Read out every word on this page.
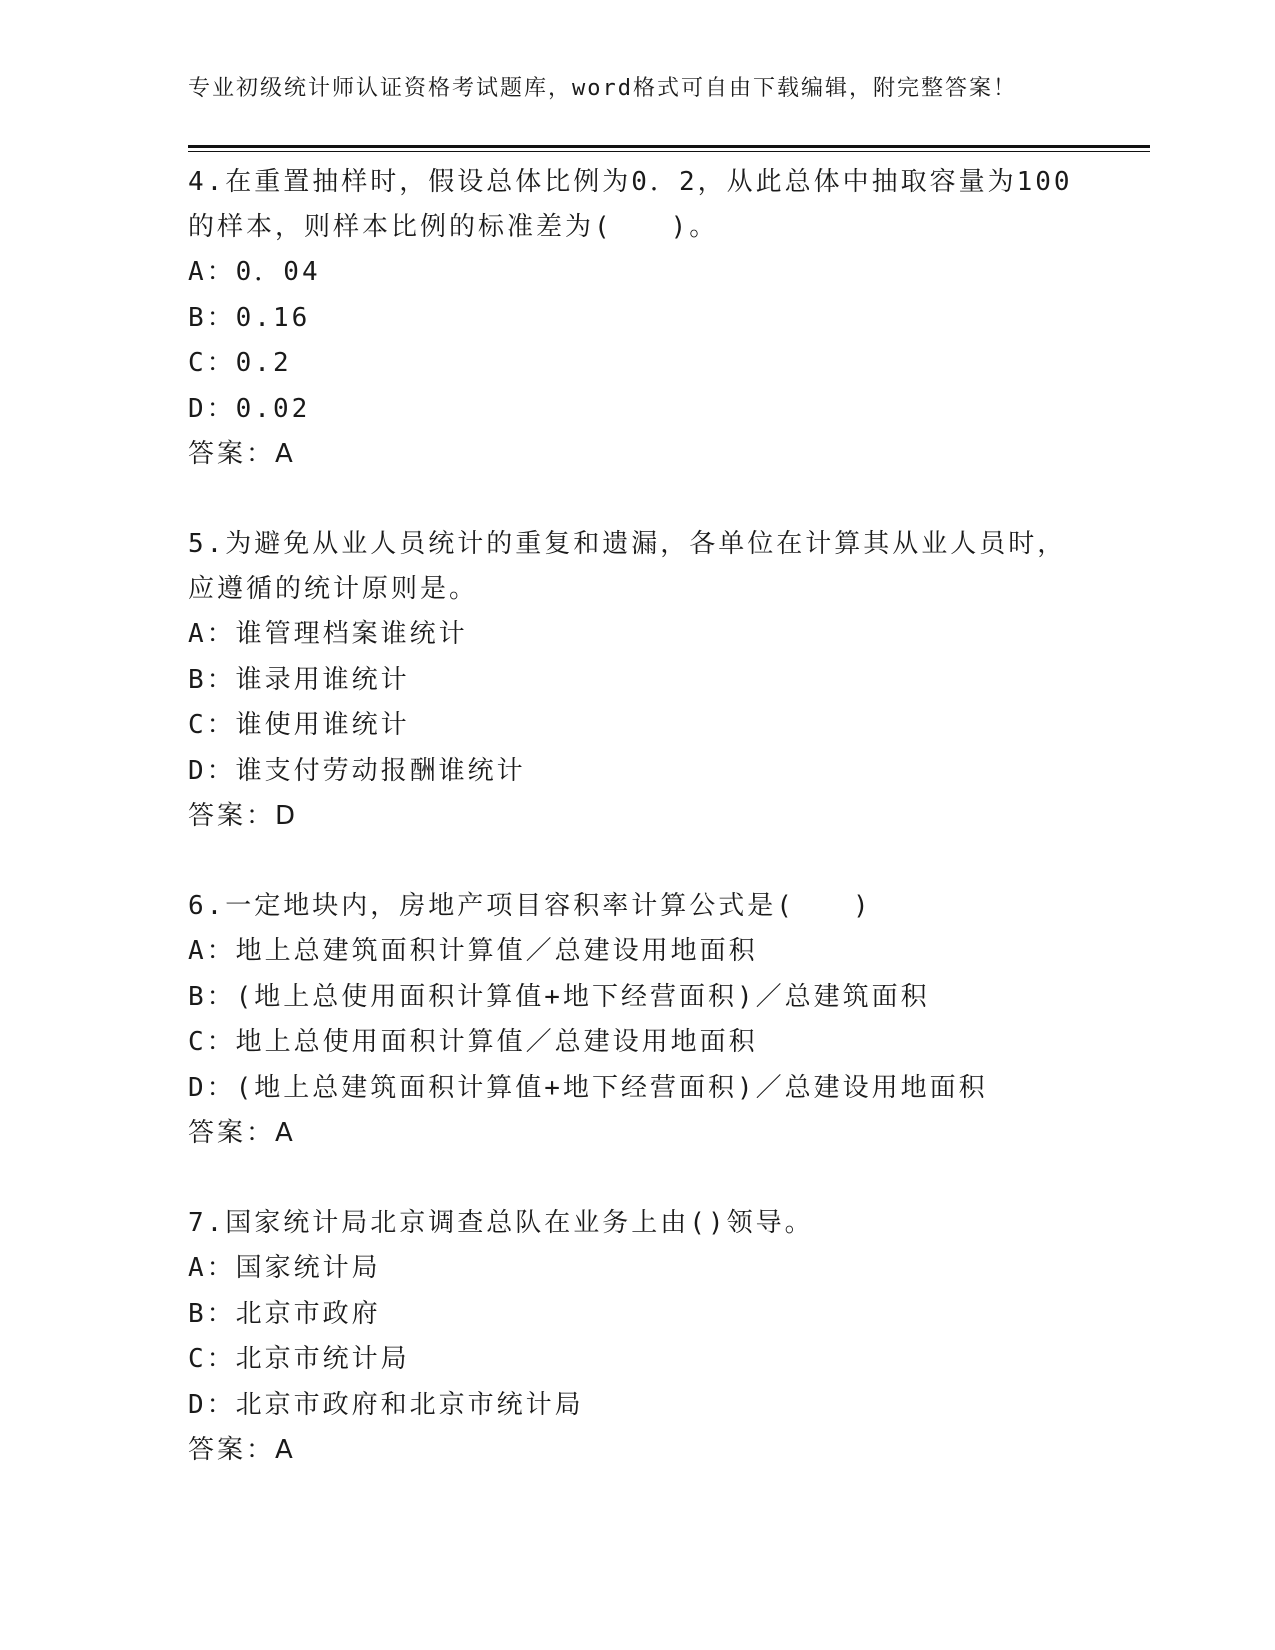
专业初级统计师认证资格考试题库，word格式可自由下载编辑，附完整答案！
4.在重置抽样时，假设总体比例为0．2，从此总体中抽取容量为100
的样本，则样本比例的标准差为(　　)。
A：0．04
B：0.16
C：0.2
D：0.02
答案：A
5.为避免从业人员统计的重复和遗漏，各单位在计算其从业人员时，
应遵循的统计原则是。
A：谁管理档案谁统计
B：谁录用谁统计
C：谁使用谁统计
D：谁支付劳动报酬谁统计
答案：D
6.一定地块内，房地产项目容积率计算公式是(　　)
A：地上总建筑面积计算值／总建设用地面积
B：(地上总使用面积计算值+地下经营面积)／总建筑面积
C：地上总使用面积计算值／总建设用地面积
D：(地上总建筑面积计算值+地下经营面积)／总建设用地面积
答案：A
7.国家统计局北京调查总队在业务上由()领导。
A：国家统计局
B：北京市政府
C：北京市统计局
D：北京市政府和北京市统计局
答案：A
